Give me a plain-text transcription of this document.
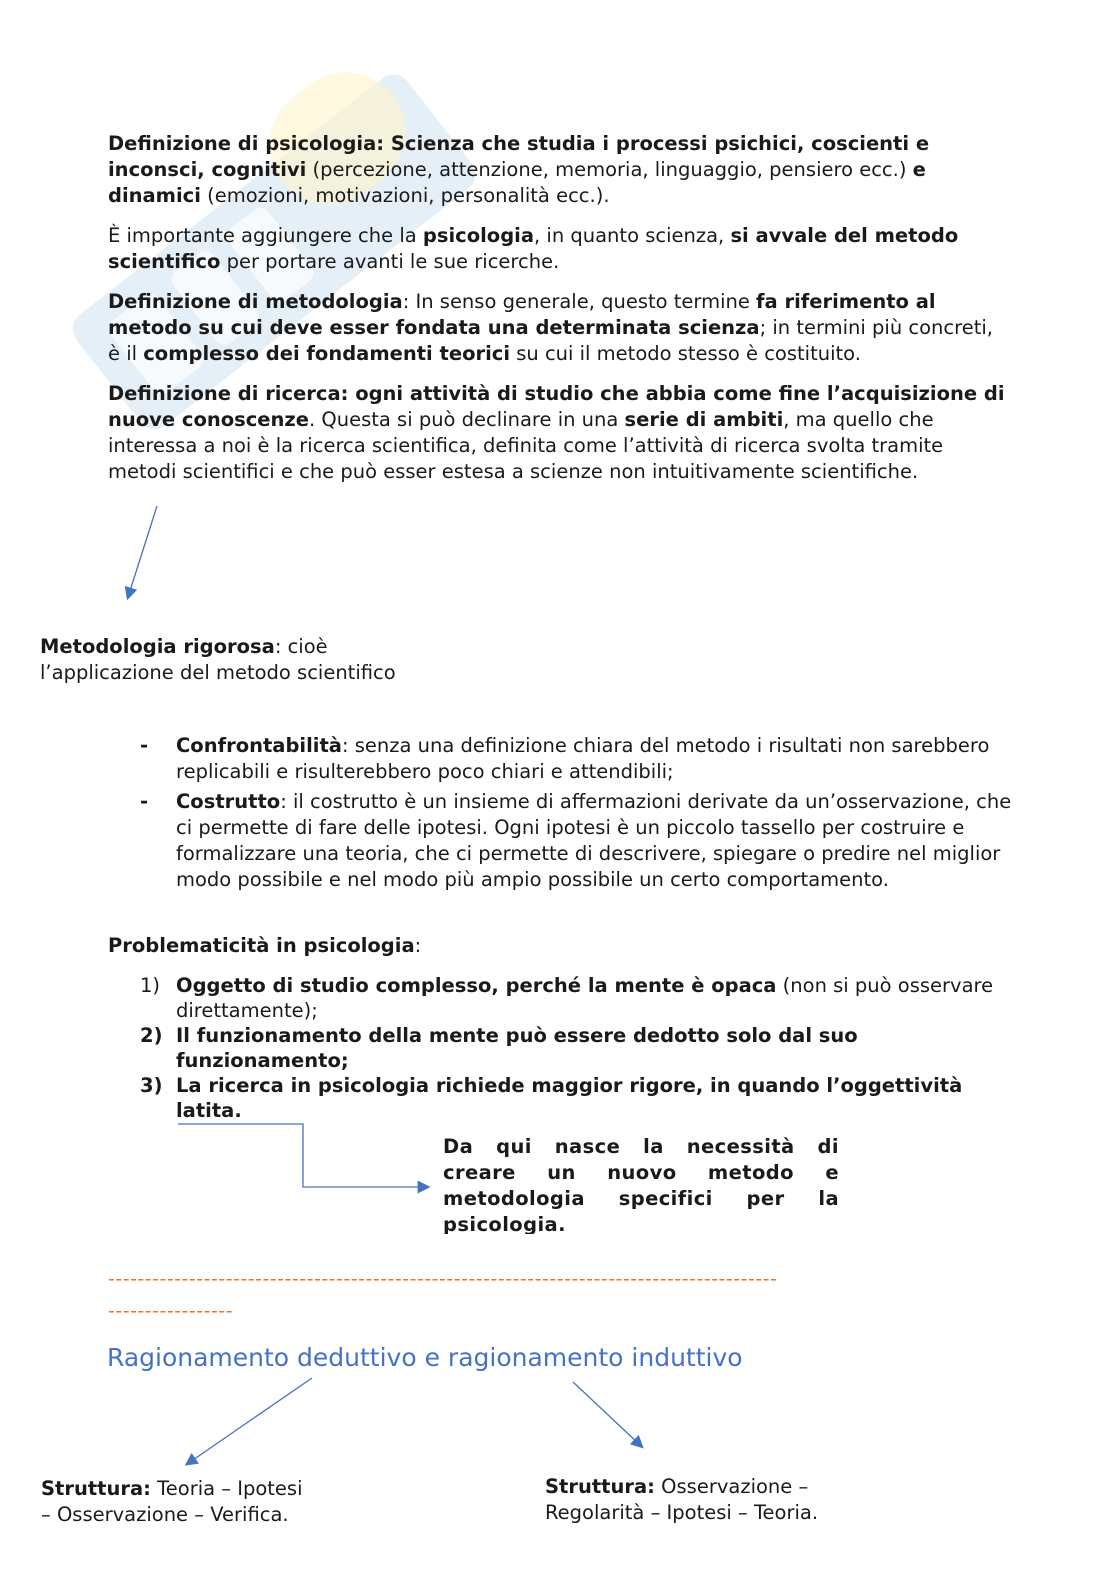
Definizione di psicologia: Scienza che studia i processi psichici, coscienti e inconsci, cognitivi (percezione, attenzione, memoria, linguaggio, pensiero ecc.) e dinamici (emozioni, motivazioni, personalità ecc.).

È importante aggiungere che la psicologia, in quanto scienza, si avvale del metodo scientifico per portare avanti le sue ricerche.

Definizione di metodologia: In senso generale, questo termine fa riferimento al metodo su cui deve esser fondata una determinata scienza; in termini più concreti, è il complesso dei fondamenti teorici su cui il metodo stesso è costituito.

Definizione di ricerca: ogni attività di studio che abbia come fine l’acquisizione di nuove conoscenze. Questa si può declinare in una serie di ambiti, ma quello che interessa a noi è la ricerca scientifica, definita come l’attività di ricerca svolta tramite metodi scientifici e che può esser estesa a scienze non intuitivamente scientifiche.

Metodologia rigorosa: cioè l’applicazione del metodo scientifico

- Confrontabilità: senza una definizione chiara del metodo i risultati non sarebbero replicabili e risulterebbero poco chiari e attendibili;

- Costrutto: il costrutto è un insieme di affermazioni derivate da un’osservazione, che ci permette di fare delle ipotesi. Ogni ipotesi è un piccolo tassello per costruire e formalizzare una teoria, che ci permette di descrivere, spiegare o predire nel miglior modo possibile e nel modo più ampio possibile un certo comportamento.

Problematicità in psicologia:

1) Oggetto di studio complesso, perché la mente è opaca (non si può osservare direttamente);

2) Il funzionamento della mente può essere dedotto solo dal suo funzionamento;

3) La ricerca in psicologia richiede maggior rigore, in quando l’oggettività latita.

Da qui nasce la necessità di creare un nuovo metodo e metodologia specifici per la psicologia.

-------------------------------------------------------------------------------------------
-----------------
Ragionamento deduttivo e ragionamento induttivo

Struttura: Teoria – Ipotesi – Osservazione – Verifica.

Struttura: Osservazione – Regolarità – Ipotesi – Teoria.
